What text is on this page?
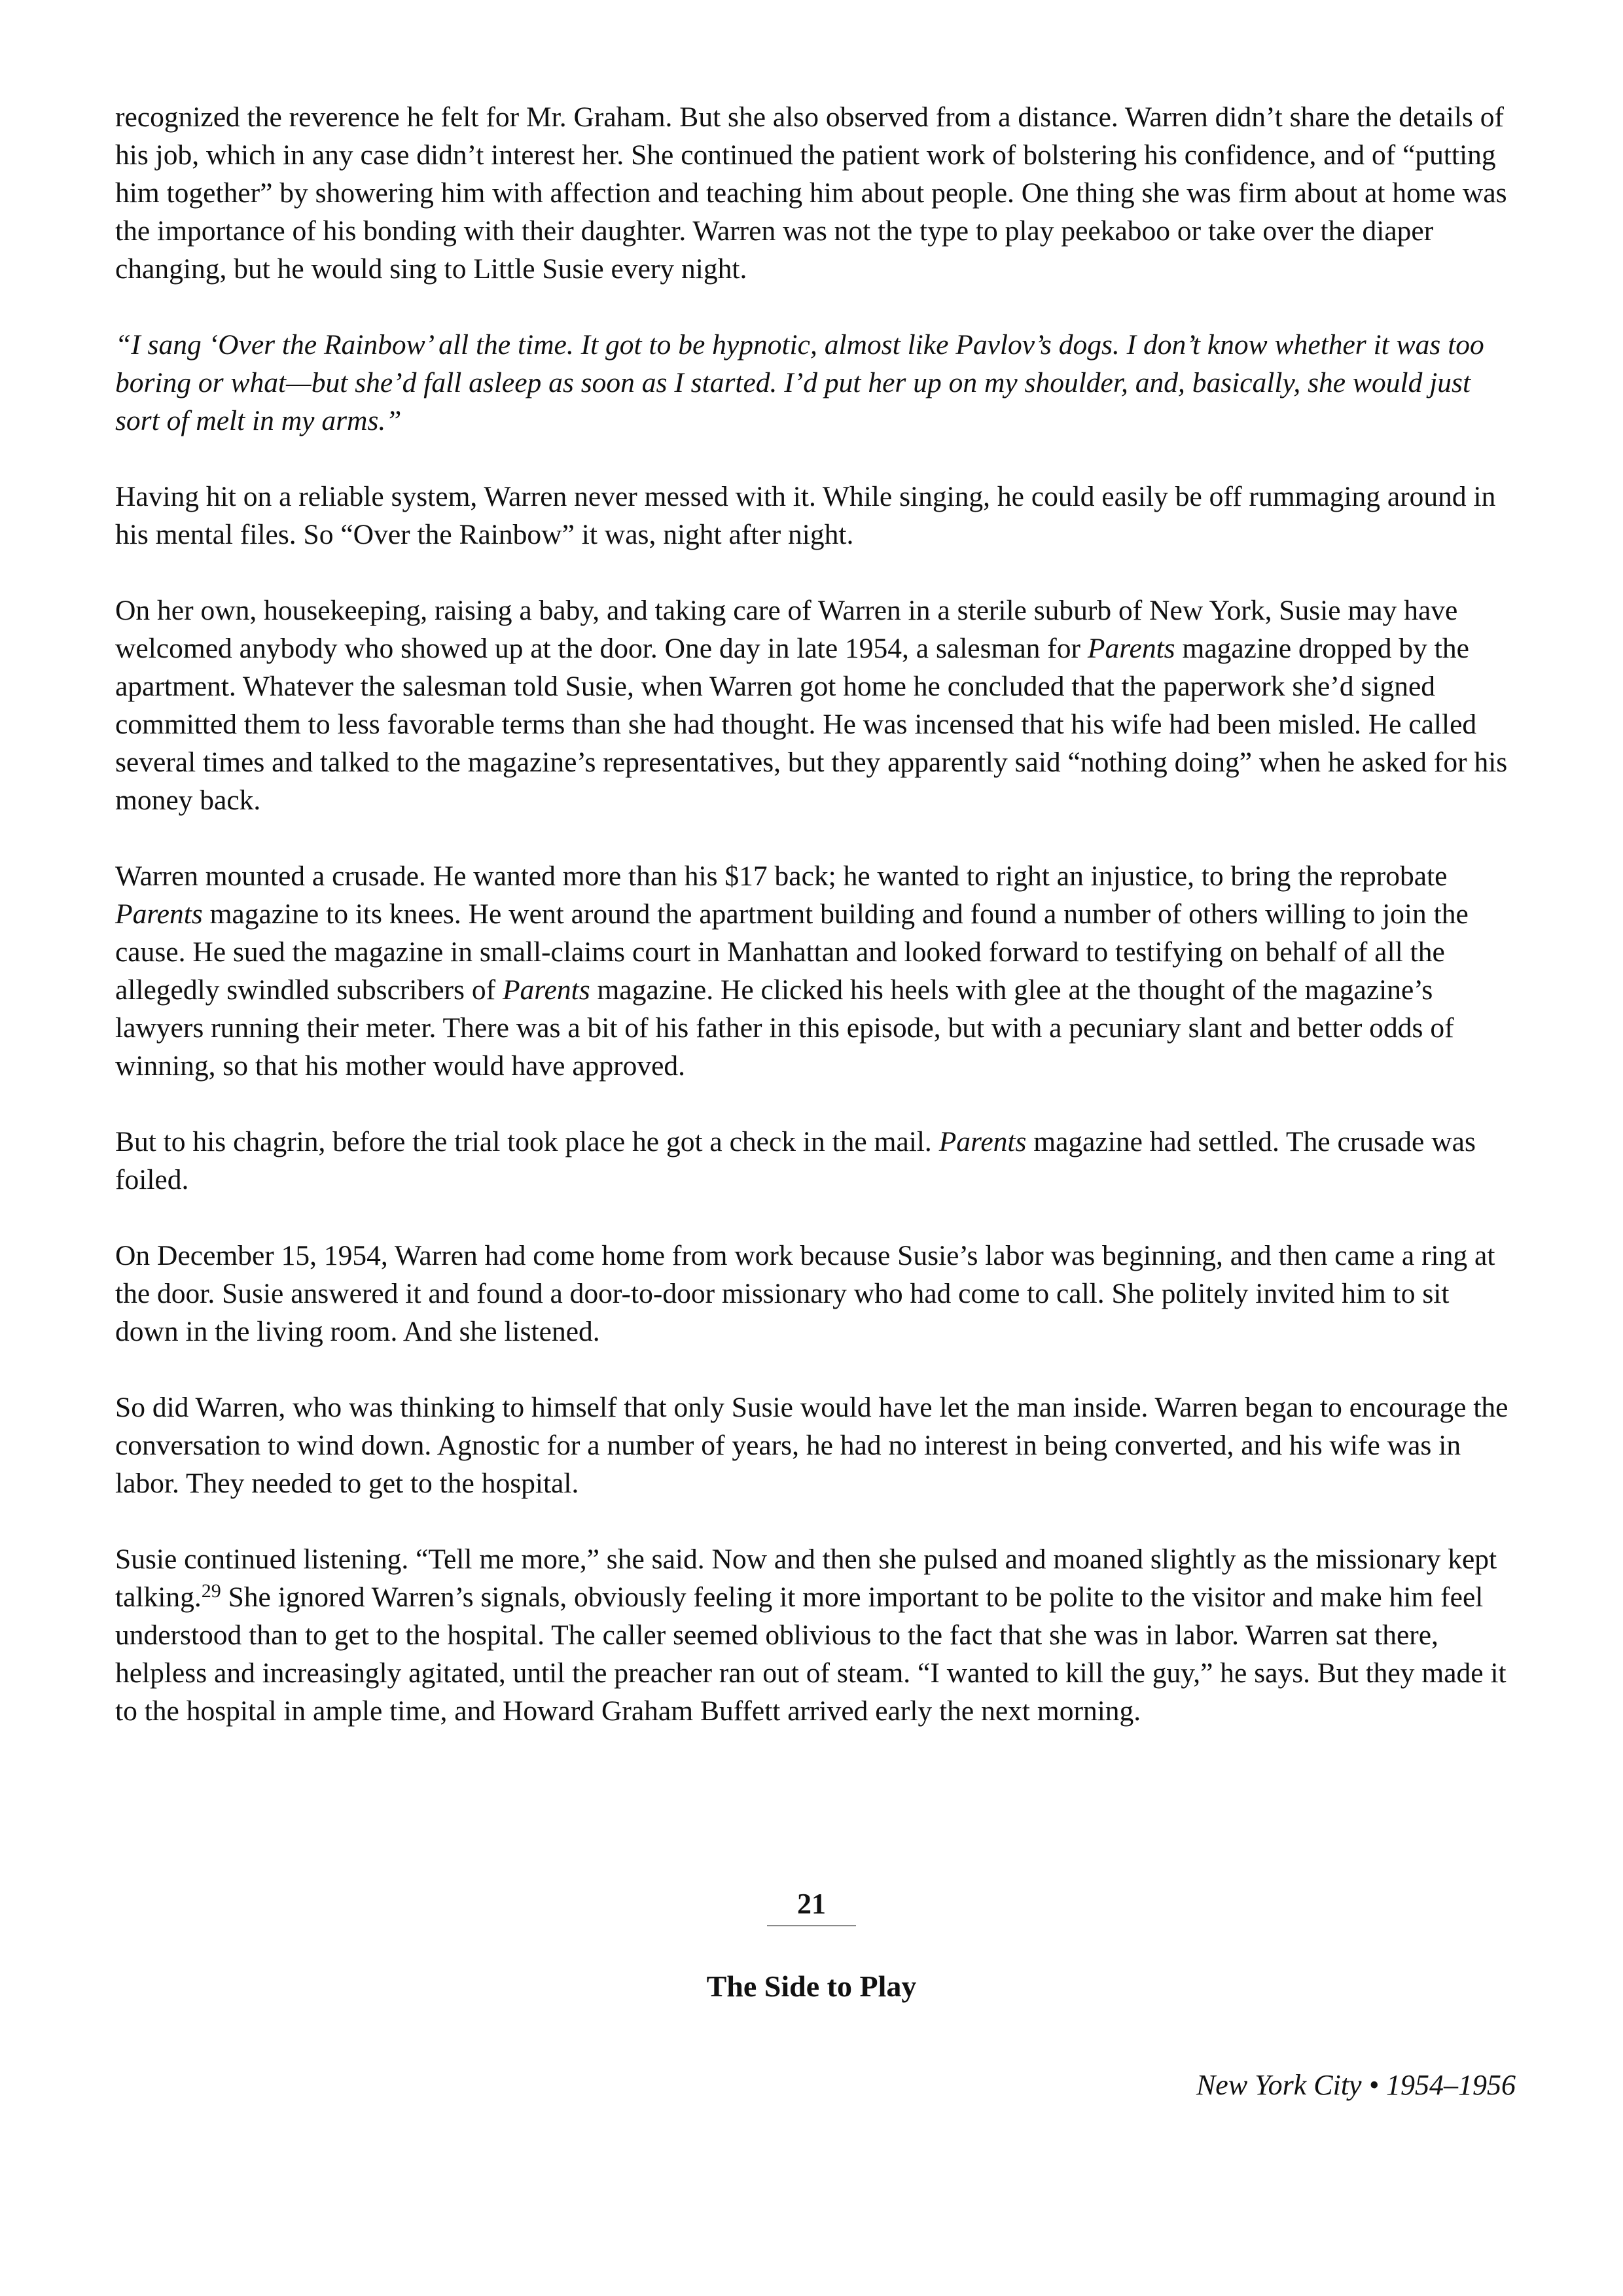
recognized the reverence he felt for Mr. Graham. But she also observed from a distance. Warren didn’t share the details of his job, which in any case didn’t interest her. She continued the patient work of bolstering his confidence, and of “putting him together” by showering him with affection and teaching him about people. One thing she was firm about at home was the importance of his bonding with their daughter. Warren was not the type to play peekaboo or take over the diaper changing, but he would sing to Little Susie every night.

“I sang ‘Over the Rainbow’ all the time. It got to be hypnotic, almost like Pavlov’s dogs. I don’t know whether it was too boring or what—but she’d fall asleep as soon as I started. I’d put her up on my shoulder, and, basically, she would just sort of melt in my arms.”

Having hit on a reliable system, Warren never messed with it. While singing, he could easily be off rummaging around in his mental files. So “Over the Rainbow” it was, night after night.

On her own, housekeeping, raising a baby, and taking care of Warren in a sterile suburb of New York, Susie may have welcomed anybody who showed up at the door. One day in late 1954, a salesman for Parents magazine dropped by the apartment. Whatever the salesman told Susie, when Warren got home he concluded that the paperwork she’d signed committed them to less favorable terms than she had thought. He was incensed that his wife had been misled. He called several times and talked to the magazine’s representatives, but they apparently said “nothing doing” when he asked for his money back.

Warren mounted a crusade. He wanted more than his $17 back; he wanted to right an injustice, to bring the reprobate Parents magazine to its knees. He went around the apartment building and found a number of others willing to join the cause. He sued the magazine in small-claims court in Manhattan and looked forward to testifying on behalf of all the allegedly swindled subscribers of Parents magazine. He clicked his heels with glee at the thought of the magazine’s lawyers running their meter. There was a bit of his father in this episode, but with a pecuniary slant and better odds of winning, so that his mother would have approved.

But to his chagrin, before the trial took place he got a check in the mail. Parents magazine had settled. The crusade was foiled.

On December 15, 1954, Warren had come home from work because Susie’s labor was beginning, and then came a ring at the door. Susie answered it and found a door-to-door missionary who had come to call. She politely invited him to sit down in the living room. And she listened.

So did Warren, who was thinking to himself that only Susie would have let the man inside. Warren began to encourage the conversation to wind down. Agnostic for a number of years, he had no interest in being converted, and his wife was in labor. They needed to get to the hospital.

Susie continued listening. “Tell me more,” she said. Now and then she pulsed and moaned slightly as the missionary kept talking.$^{29}$ She ignored Warren’s signals, obviously feeling it more important to be polite to the visitor and make him feel understood than to get to the hospital. The caller seemed oblivious to the fact that she was in labor. Warren sat there, helpless and increasingly agitated, until the preacher ran out of steam. “I wanted to kill the guy,” he says. But they made it to the hospital in ample time, and Howard Graham Buffett arrived early the next morning.

21
The Side to Play
New York City • 1954–1956
